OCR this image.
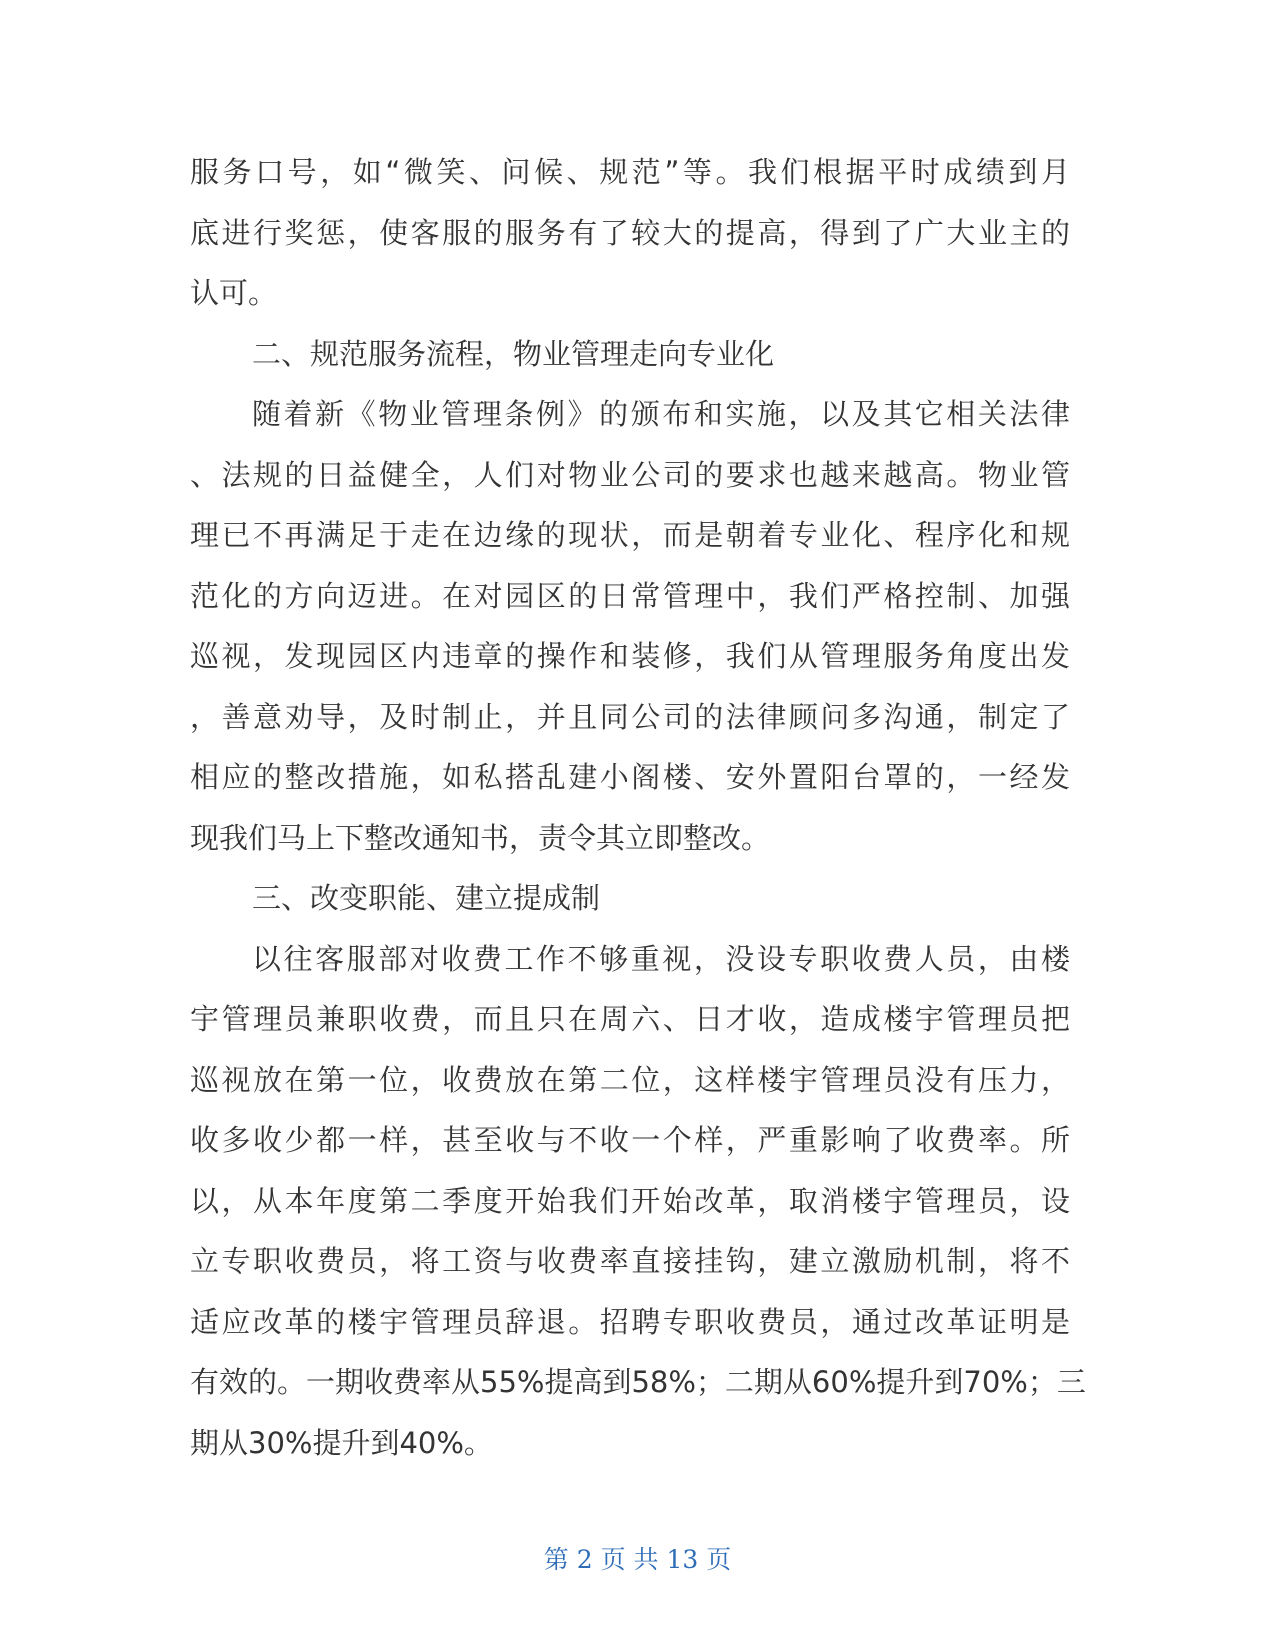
服务口号，如“微笑、问候、规范”等。我们根据平时成绩到月
底进行奖惩，使客服的服务有了较大的提高，得到了广大业主的
认可。
二、规范服务流程，物业管理走向专业化
随着新《物业管理条例》的颁布和实施，以及其它相关法律
、法规的日益健全，人们对物业公司的要求也越来越高。物业管
理已不再满足于走在边缘的现状，而是朝着专业化、程序化和规
范化的方向迈进。在对园区的日常管理中，我们严格控制、加强
巡视，发现园区内违章的操作和装修，我们从管理服务角度出发
，善意劝导，及时制止，并且同公司的法律顾问多沟通，制定了
相应的整改措施，如私搭乱建小阁楼、安外置阳台罩的，一经发
现我们马上下整改通知书，责令其立即整改。
三、改变职能、建立提成制
以往客服部对收费工作不够重视，没设专职收费人员，由楼
宇管理员兼职收费，而且只在周六、日才收，造成楼宇管理员把
巡视放在第一位，收费放在第二位，这样楼宇管理员没有压力，
收多收少都一样，甚至收与不收一个样，严重影响了收费率。所
以，从本年度第二季度开始我们开始改革，取消楼宇管理员，设
立专职收费员，将工资与收费率直接挂钩，建立激励机制，将不
适应改革的楼宇管理员辞退。招聘专职收费员，通过改革证明是
有效的。一期收费率从55%提高到58%；二期从60%提升到70%；三
期从30%提升到40%。
第 2 页 共 13 页
